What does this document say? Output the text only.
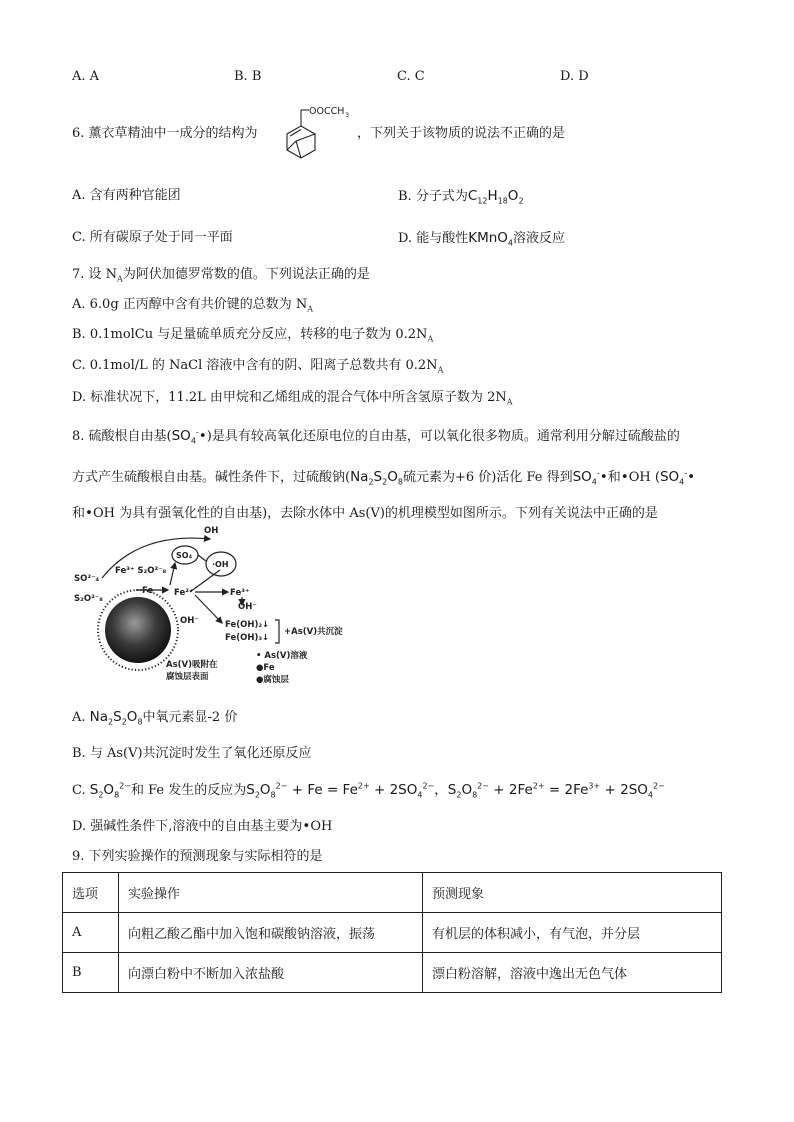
A. A	B. B	C. C	D. D
6. 薰衣草精油中一成分的结构为
OOCCH 3
，下列关于该物质的说法不正确的是
A. 含有两种官能团	B. 分子式为$C_{12}H_{18}O_2$
C. 所有碳原子处于同一平面	D. 能与酸性KMnO$_4$溶液反应
7. 设 $N_A$为阿伏加德罗常数的值。下列说法正确的是
A. 6.0g 正丙醇中含有共价键的总数为 $N_A$
B. 0.1molCu 与足量硫单质充分反应，转移的电子数为 $0.2N_A$
C. 0.1mol/L 的 NaCl 溶液中含有的阴、阳离子总数共有 $0.2N_A$
D. 标准状况下，11.2L 由甲烷和乙烯组成的混合气体中所含氢原子数为 $2N_A$
8. 硫酸根自由基$(SO_4^-•)$是具有较高氧化还原电位的自由基，可以氧化很多物质。通常利用分解过硫酸盐的
方式产生硫酸根自由基。碱性条件下，过硫酸钠($Na_2S_2O_8$硫元素为+6 价)活化 Fe 得到$SO_4^-•$和•OH ($SO_4^-•$
和•OH 为具有强氧化性的自由基)，去除水体中 As(V)的机理模型如图所示。下列有关说法中正确的是
OH
SO²⁻₄
S₂O²⁻₈
Fe³⁺ S₂O²⁻₈
Fe Fe²⁺	Fe³⁺
OH⁻
OH⁻	Fe(OH)₂↓
Fe(OH)₃↓
+As(V)共沉淀
As(V)吸附在
腐蚀层表面
• As(V)溶液
●Fe
●腐蚀层
SO₄
·OH
A. $Na_2S_2O_8$中氧元素显-2 价
B. 与 As(V)共沉淀时发生了氧化还原反应
C. $S_2O_8^{2-}$和 Fe 发生的反应为$S_2O_8^{2-} + Fe = Fe^{2+} + 2SO_4^{2-}$，$S_2O_8^{2-} + 2Fe^{2+} = 2Fe^{3+} + 2SO_4^{2-}$
D. 强碱性条件下,溶液中的自由基主要为•OH
9. 下列实验操作的预测现象与实际相符的是
选项	实验操作	预测现象
A	向粗乙酸乙酯中加入饱和碳酸钠溶液，振荡	有机层的体积减小，有气泡，并分层
B	向漂白粉中不断加入浓盐酸	漂白粉溶解，溶液中逸出无色气体
